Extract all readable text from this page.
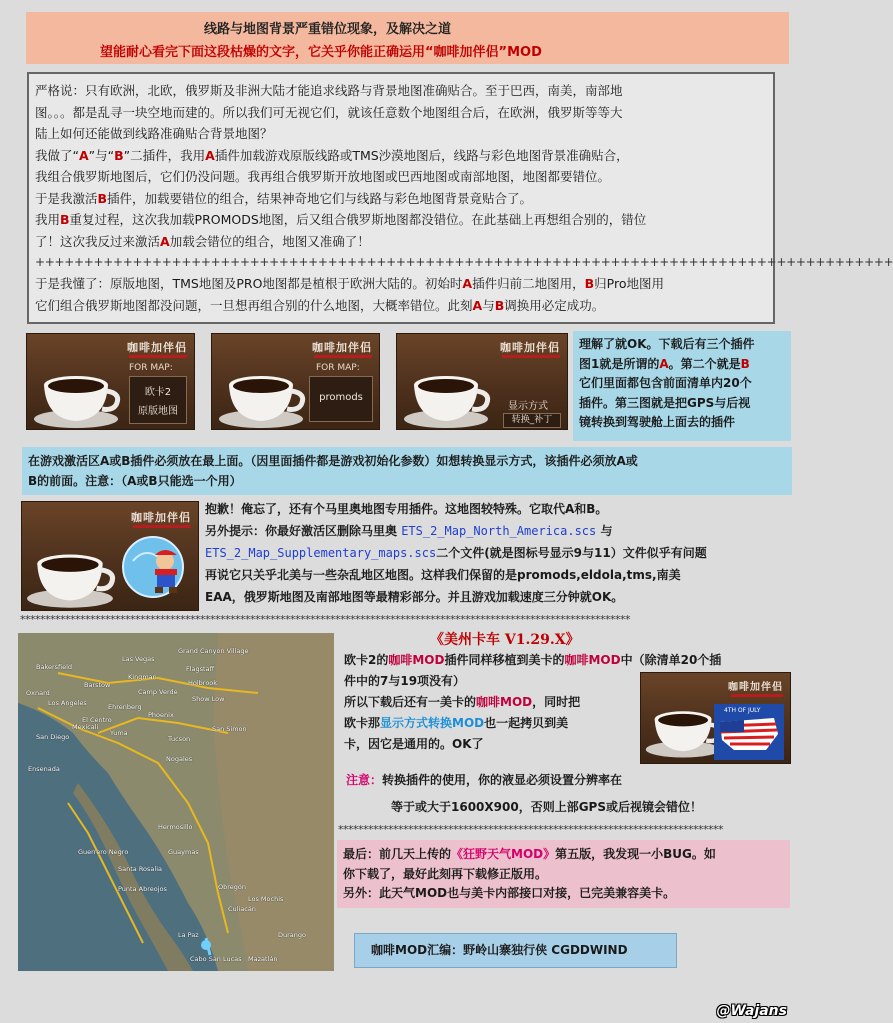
线路与地图背景严重错位现象，及解决之道
望能耐心看完下面这段枯燥的文字，它关乎你能正确运用“咖啡加伴侣”MOD
严格说：只有欧洲，北欧，俄罗斯及非洲大陆才能追求线路与背景地图准确贴合。至于巴西，南美，南部地
图。。。都是乱寻一块空地而建的。所以我们可无视它们，就该任意数个地图组合后，在欧洲，俄罗斯等等大
陆上如何还能做到线路准确贴合背景地图？
我做了“A”与“B”二插件，我用A插件加载游戏原版线路或TMS沙漠地图后，线路与彩色地图背景准确贴合，
我组合俄罗斯地图后，它们仍没问题。我再组合俄罗斯开放地图或巴西地图或南部地图，地图都要错位。
于是我激活B插件，加载要错位的组合，结果神奇地它们与线路与彩色地图背景竟贴合了。
我用B重复过程，这次我加载PROMODS地图，后又组合俄罗斯地图都没错位。在此基础上再想组合别的，错位
了！这次我反过来激活A加载会错位的组合，地图又准确了！
++++++++++++++++++++++++++++++++++++++++++++++++++++++++++++++++++++++++++++++++++++++++
于是我懂了：原版地图，TMS地图及PRO地图都是植根于欧洲大陆的。初始时A插件归前二地图用，B归Pro地图用
它们组合俄罗斯地图都没问题，一旦想再组合别的什么地图，大概率错位。此刻A与B调换用必定成功。
咖啡加伴侣
FOR MAP:
欧卡2
原版地图
咖啡加伴侣
FOR MAP:
promods
咖啡加伴侣
显示方式
转换_补丁
理解了就OK。下载后有三个插件
图1就是所谓的A。第二个就是B
它们里面都包含前面清单内20个
插件。第三图就是把GPS与后视
镜转换到驾驶舱上面去的插件
在游戏激活区A或B插件必须放在最上面。（因里面插件都是游戏初始化参数）如想转换显示方式，该插件必须放A或
B的前面。注意：（A或B只能选一个用）
咖啡加伴侣
抱歉！俺忘了，还有个马里奥地图专用插件。这地图较特殊。它取代A和B。
另外提示：你最好激活区删除马里奥 ETS_2_Map_North_America.scs 与
ETS_2_Map_Supplementary_maps.scs二个文件(就是图标号显示9与11）文件似乎有问题
再说它只关乎北美与一些杂乱地区地图。这样我们保留的是promods,eldola,tms,南美
EAA，俄罗斯地图及南部地图等最精彩部分。并且游戏加载速度三分钟就OK。
**************************************************************************************************************************
Bakersfield
Las Vegas
Grand Canyon Village
Kingman
Flagstaff
Holbrook
Oxnard
Barstow
Camp Verde
Los Angeles	Ehrenberg
Phoenix
Show Low
San Diego
Mexicali
El Centro
Yuma
Nogales
Ensenada
Tucson
San Simon
Hermosillo
Obregón
Guaymas
Santa Rosalia
Guerrero Negro
Punta Abreojos
Los Mochis
Culiacán
La Paz
Cabo San Lucas Mazatlán
Durango
《美州卡车 V1.29.X》
欧卡2的咖啡MOD插件同样移植到美卡的咖啡MOD中（除清单20个插
件中的7与19项没有）
所以下载后还有一美卡的咖啡MOD，同时把
欧卡那显示方式转换MOD也一起拷贝到美
卡，因它是通用的。OK了
咖啡加伴侣
4TH OF JULY
注意：转换插件的使用，你的液显必须设置分辨率在
等于或大于1600X900，否则上部GPS或后视镜会错位！
*****************************************************************************
最后：前几天上传的《狂野天气MOD》第五版，我发现一小BUG。如
你下载了，最好此刻再下载修正版用。
另外：此天气MOD也与美卡内部接口对接，已完美兼容美卡。
咖啡MOD汇编：野岭山寨独行侠 CGDDWIND
@Wajans
